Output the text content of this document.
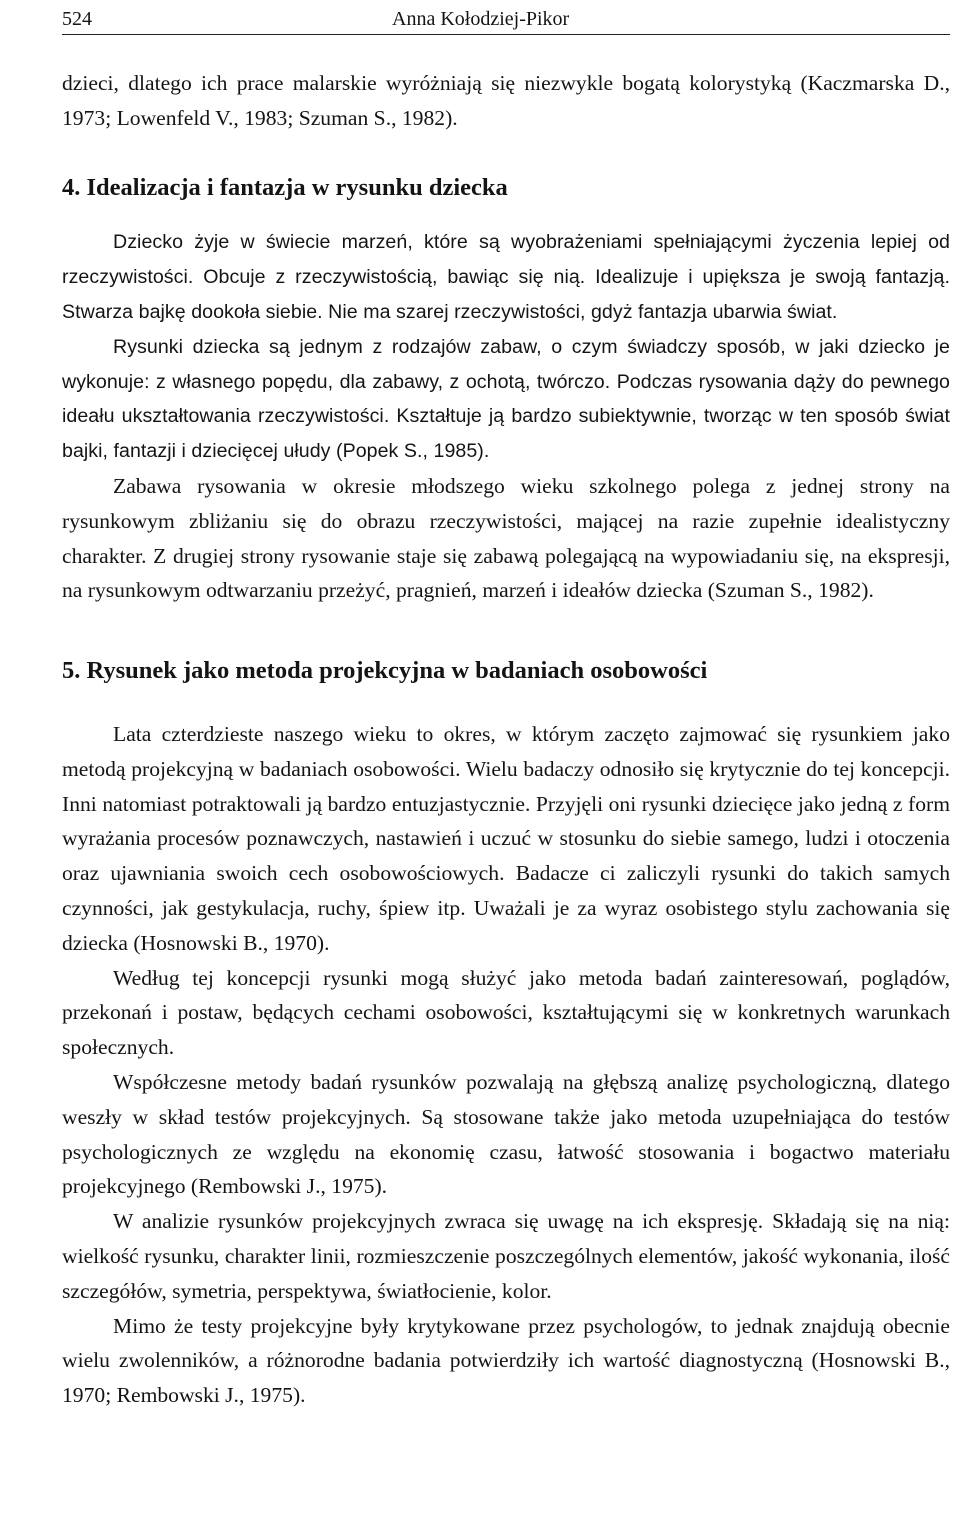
524	Anna Kołodziej-Pikor

dzieci, dlatego ich prace malarskie wyróżniają się niezwykle bogatą kolorystyką (Kaczmarska D., 1973; Lowenfeld V., 1983; Szuman S., 1982).

4. Idealizacja i fantazja w rysunku dziecka

Dziecko żyje w świecie marzeń, które są wyobrażeniami spełniającymi życzenia lepiej od rzeczywistości. Obcuje z rzeczywistością, bawiąc się nią. Idealizuje i upiększa je swoją fantazją. Stwarza bajkę dookoła siebie. Nie ma szarej rzeczywistości, gdyż fantazja ubarwia świat.

Rysunki dziecka są jednym z rodzajów zabaw, o czym świadczy sposób, w jaki dziecko je wykonuje: z własnego popędu, dla zabawy, z ochotą, twórczo. Podczas rysowania dąży do pewnego ideału ukształtowania rzeczywistości. Kształtuje ją bardzo subiektywnie, tworząc w ten sposób świat bajki, fantazji i dziecięcej ułudy (Popek S., 1985).

Zabawa rysowania w okresie młodszego wieku szkolnego polega z jednej strony na rysunkowym zbliżaniu się do obrazu rzeczywistości, mającej na razie zupełnie idealistyczny charakter. Z drugiej strony rysowanie staje się zabawą polegającą na wypowiadaniu się, na ekspresji, na rysunkowym odtwarzaniu przeżyć, pragnień, marzeń i ideałów dziecka (Szuman S., 1982).

5. Rysunek jako metoda projekcyjna w badaniach osobowości

Lata czterdzieste naszego wieku to okres, w którym zaczęto zajmować się rysunkiem jako metodą projekcyjną w badaniach osobowości. Wielu badaczy odnosiło się krytycznie do tej koncepcji. Inni natomiast potraktowali ją bardzo entuzjastycznie. Przyjęli oni rysunki dziecięce jako jedną z form wyrażania procesów poznawczych, nastawień i uczuć w stosunku do siebie samego, ludzi i otoczenia oraz ujawniania swoich cech osobowościowych. Badacze ci zaliczyli rysunki do takich samych czynności, jak gestykulacja, ruchy, śpiew itp. Uważali je za wyraz osobistego stylu zachowania się dziecka (Hosnowski B., 1970).

Według tej koncepcji rysunki mogą służyć jako metoda badań zainteresowań, poglądów, przekonań i postaw, będących cechami osobowości, kształtującymi się w konkretnych warunkach społecznych.

Współczesne metody badań rysunków pozwalają na głębszą analizę psychologiczną, dlatego weszły w skład testów projekcyjnych. Są stosowane także jako metoda uzupełniająca do testów psychologicznych ze względu na ekonomię czasu, łatwość stosowania i bogactwo materiału projekcyjnego (Rembowski J., 1975).

W analizie rysunków projekcyjnych zwraca się uwagę na ich ekspresję. Składają się na nią: wielkość rysunku, charakter linii, rozmieszczenie poszczególnych elementów, jakość wykonania, ilość szczegółów, symetria, perspektywa, światłocienie, kolor.

Mimo że testy projekcyjne były krytykowane przez psychologów, to jednak znajdują obecnie wielu zwolenników, a różnorodne badania potwierdziły ich wartość diagnostyczną (Hosnowski B., 1970; Rembowski J., 1975).
